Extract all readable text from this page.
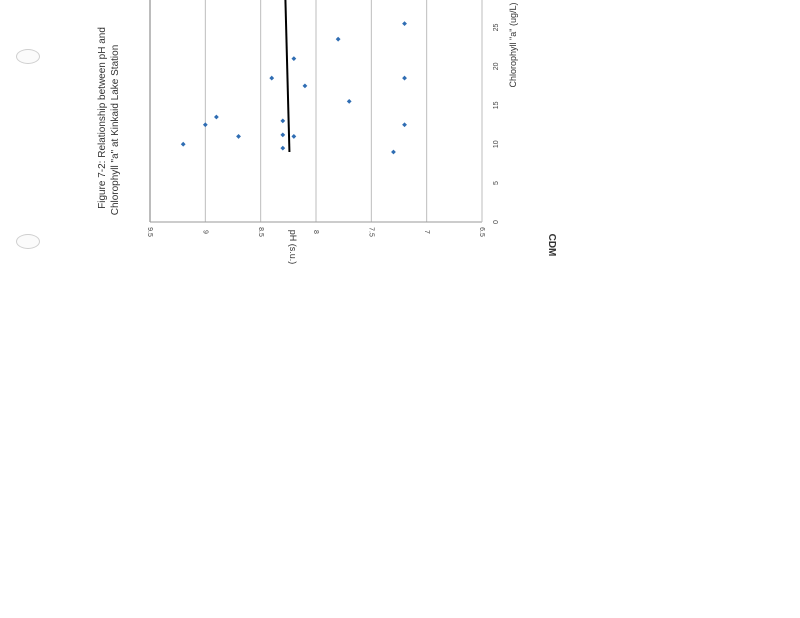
9.5	9	8.5	8	7.5	7	6.5
0
5
10
15
20
25
Figure 7-2: Relationship between pH and Chlorophyll "a" at Kinkaid Lake Station
pH (s.u.)
Chlorophyll "a" (ug/L)
CDM
